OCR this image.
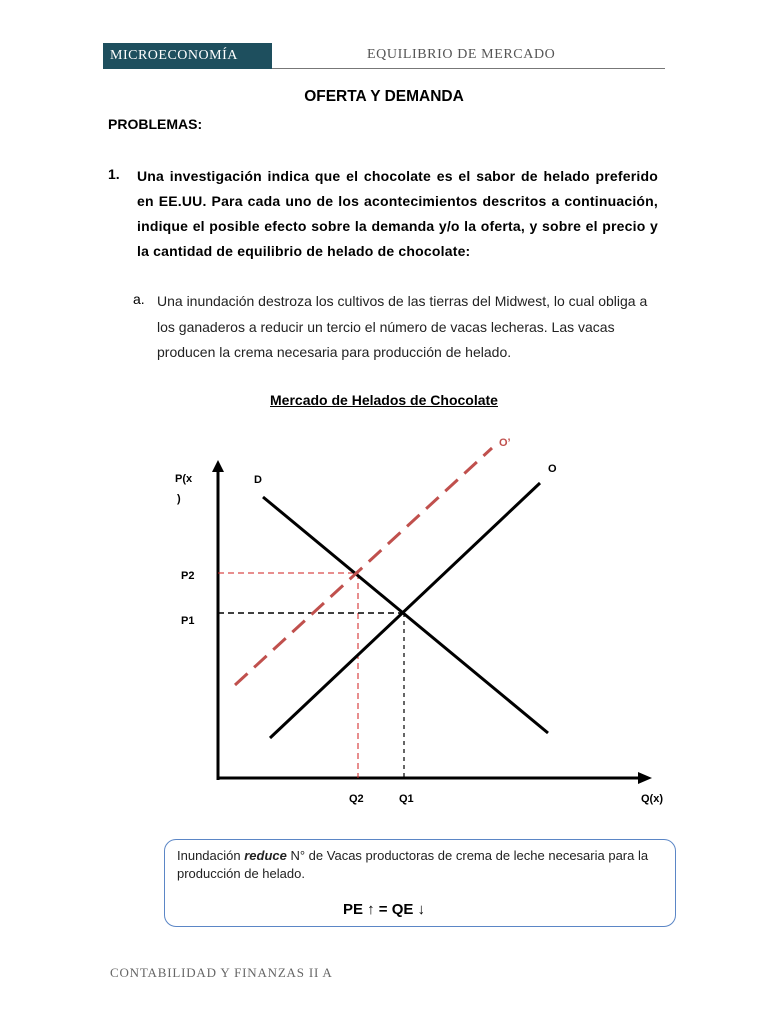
MICROECONOMÍA	EQUILIBRIO DE MERCADO
OFERTA Y DEMANDA
PROBLEMAS:
1. Una investigación indica que el chocolate es el sabor de helado preferido en EE.UU. Para cada uno de los acontecimientos descritos a continuación, indique el posible efecto sobre la demanda y/o la oferta, y sobre el precio y la cantidad de equilibrio de helado de chocolate:
a. Una inundación destroza los cultivos de las tierras del Midwest, lo cual obliga a los ganaderos a reducir un tercio el número de vacas lecheras. Las vacas producen la crema necesaria para producción de helado.
Mercado de Helados de Chocolate
P(x
)
D
O
O’
P2
P1
Q2	Q1	Q(x)
Inundación reduce N° de Vacas productoras de crema de leche necesaria para la producción de helado.
PE ↑ = QE ↓
CONTABILIDAD Y FINANZAS II A
